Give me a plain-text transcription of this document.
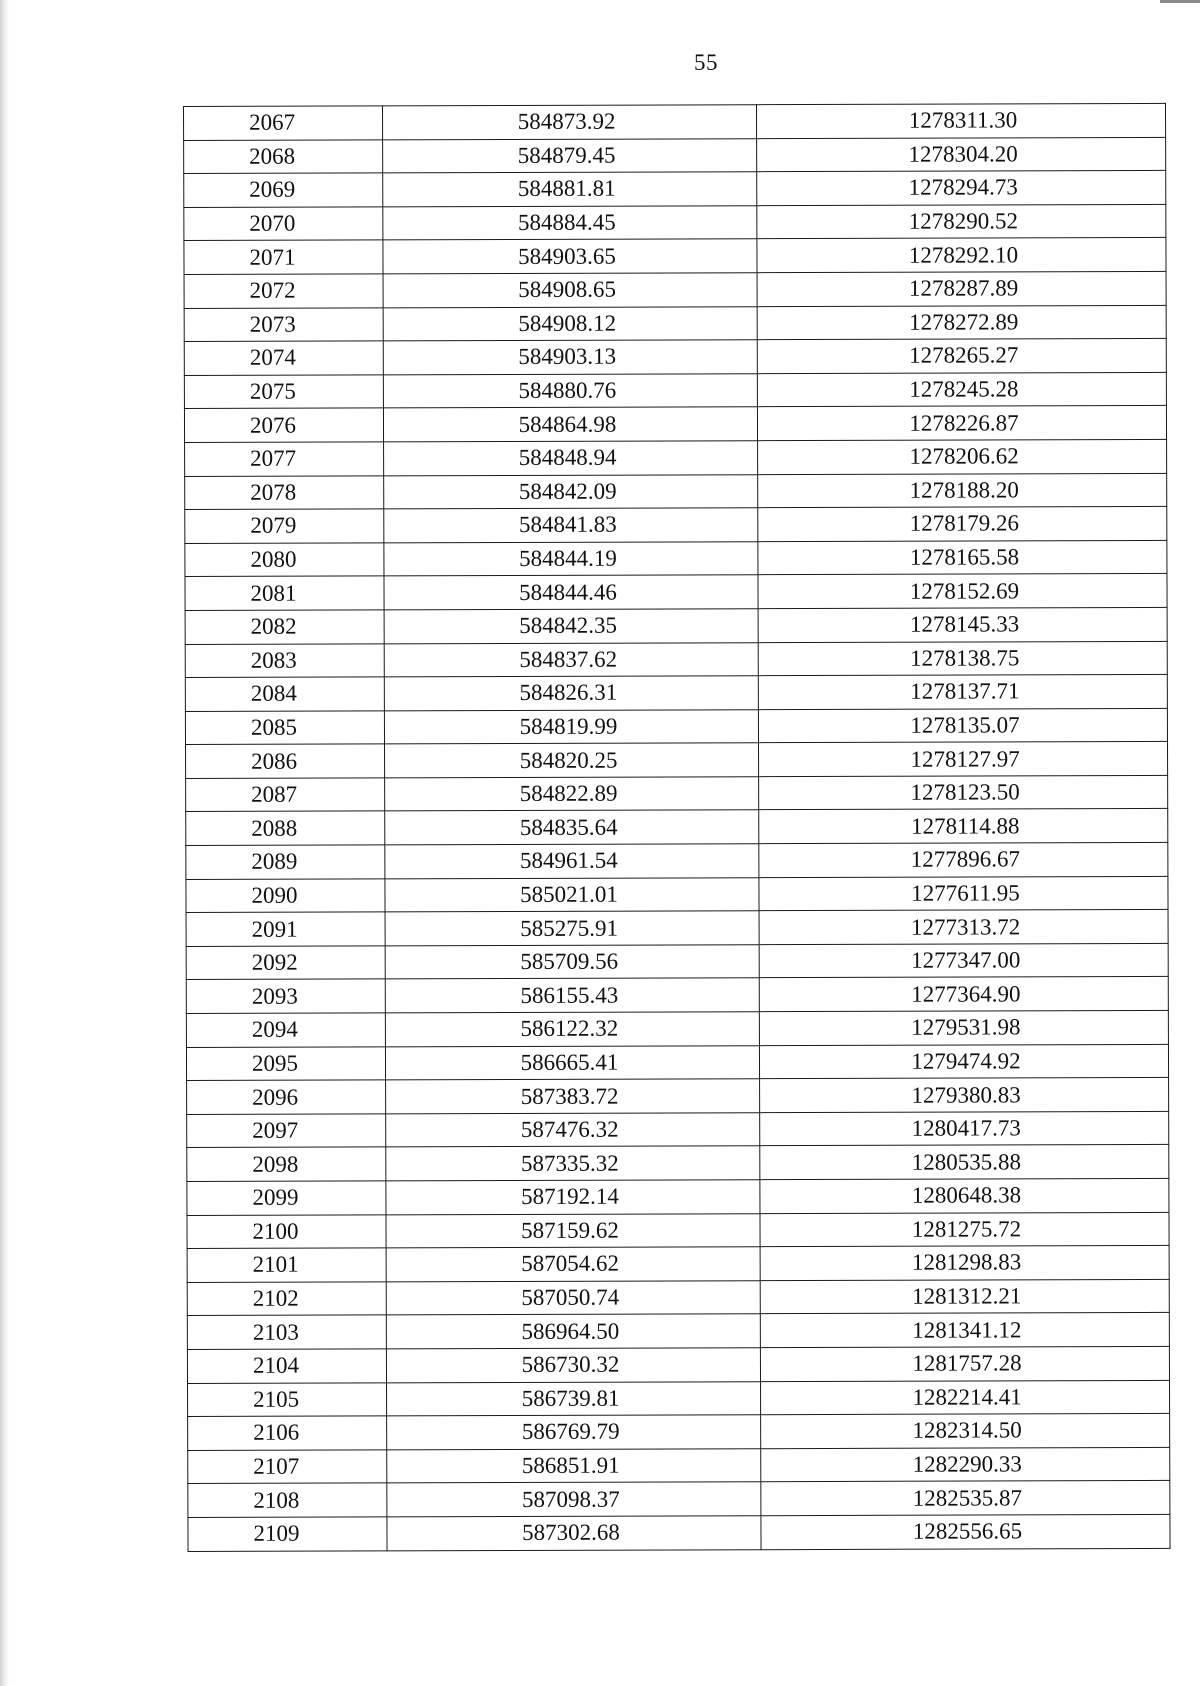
55
2067	584873.92	1278311.30
2068	584879.45	1278304.20
2069	584881.81	1278294.73
2070	584884.45	1278290.52
2071	584903.65	1278292.10
2072	584908.65	1278287.89
2073	584908.12	1278272.89
2074	584903.13	1278265.27
2075	584880.76	1278245.28
2076	584864.98	1278226.87
2077	584848.94	1278206.62
2078	584842.09	1278188.20
2079	584841.83	1278179.26
2080	584844.19	1278165.58
2081	584844.46	1278152.69
2082	584842.35	1278145.33
2083	584837.62	1278138.75
2084	584826.31	1278137.71
2085	584819.99	1278135.07
2086	584820.25	1278127.97
2087	584822.89	1278123.50
2088	584835.64	1278114.88
2089	584961.54	1277896.67
2090	585021.01	1277611.95
2091	585275.91	1277313.72
2092	585709.56	1277347.00
2093	586155.43	1277364.90
2094	586122.32	1279531.98
2095	586665.41	1279474.92
2096	587383.72	1279380.83
2097	587476.32	1280417.73
2098	587335.32	1280535.88
2099	587192.14	1280648.38
2100	587159.62	1281275.72
2101	587054.62	1281298.83
2102	587050.74	1281312.21
2103	586964.50	1281341.12
2104	586730.32	1281757.28
2105	586739.81	1282214.41
2106	586769.79	1282314.50
2107	586851.91	1282290.33
2108	587098.37	1282535.87
2109	587302.68	1282556.65
